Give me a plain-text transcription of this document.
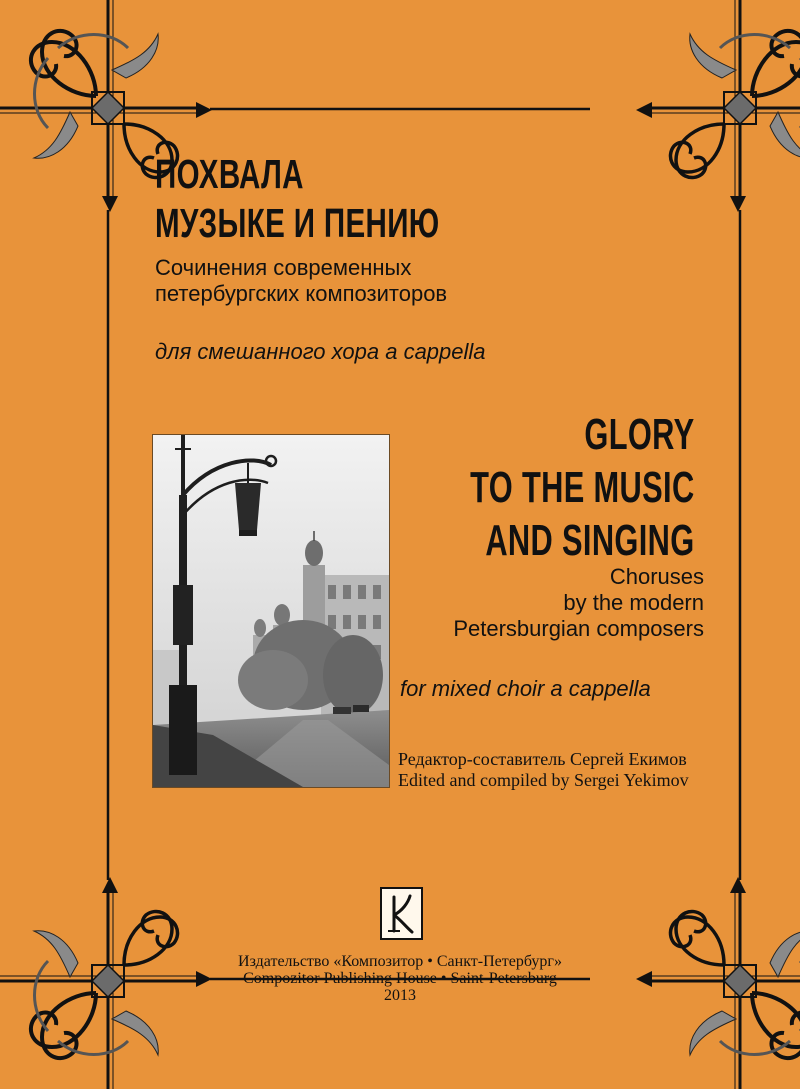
ПОХВАЛА
МУЗЫКЕ И ПЕНИЮ
Сочинения современных
петербургских композиторов
для смешанного хора a cappella
GLORY
TO THE MUSIC
AND SINGING
Choruses
by the modern
Petersburgian composers
for mixed choir a cappella
Редактор-составитель Сергей Екимов
Edited and compiled by Sergei Yekimov
Издательство «Композитор • Санкт-Петербург»
Compozitor Publishing House • Saint-Petersburg
2013
